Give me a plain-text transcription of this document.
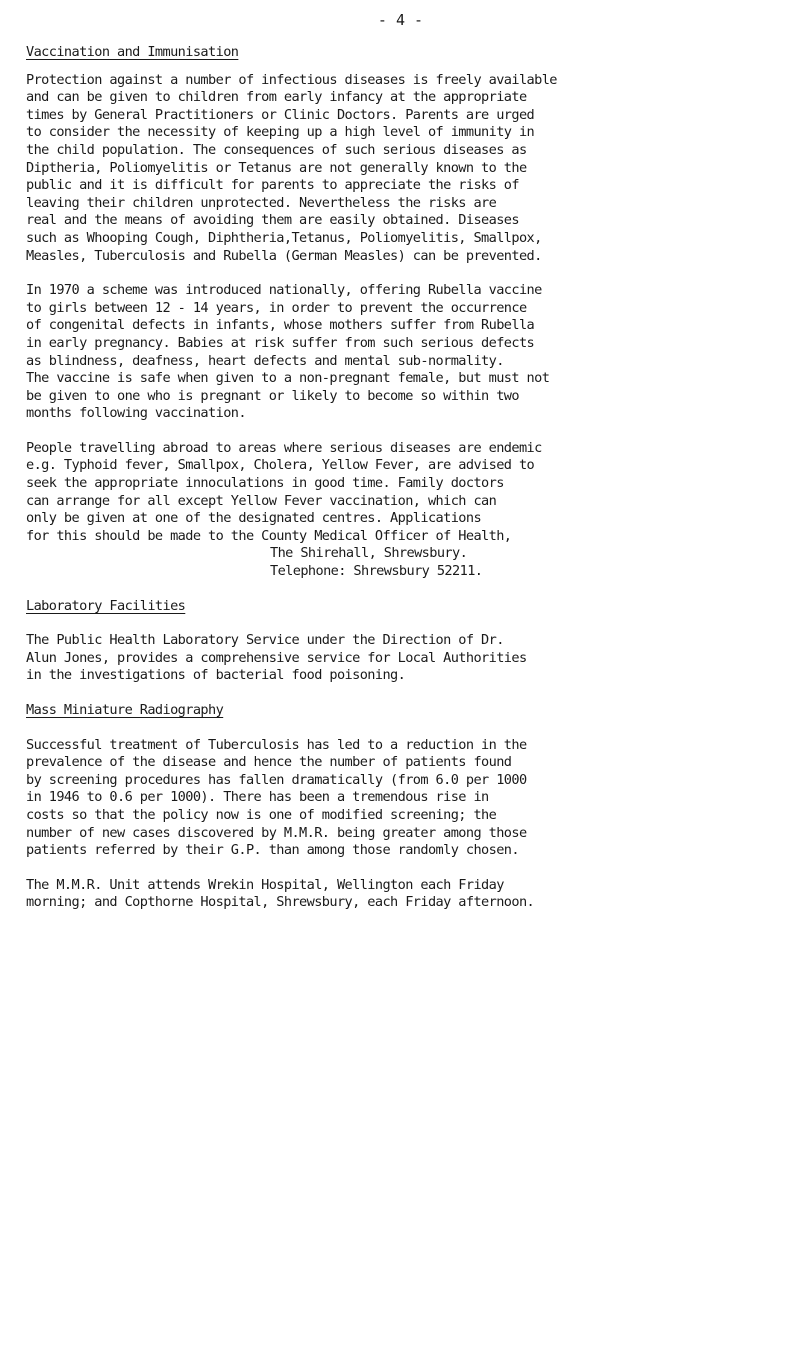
- 4 -
Vaccination and Immunisation
Protection against a number of infectious diseases is freely available
and can be given to children from early infancy at the appropriate
times by General Practitioners or Clinic Doctors. Parents are urged
to consider the necessity of keeping up a high level of immunity in
the child population. The consequences of such serious diseases as
Diptheria, Poliomyelitis or Tetanus are not generally known to the
public and it is difficult for parents to appreciate the risks of
leaving their children unprotected. Nevertheless the risks are
real and the means of avoiding them are easily obtained. Diseases
such as Whooping Cough, Diphtheria,Tetanus, Poliomyelitis, Smallpox,
Measles, Tuberculosis and Rubella (German Measles) can be prevented.
In 1970 a scheme was introduced nationally, offering Rubella vaccine
to girls between 12 - 14 years, in order to prevent the occurrence
of congenital defects in infants, whose mothers suffer from Rubella
in early pregnancy. Babies at risk suffer from such serious defects
as blindness, deafness, heart defects and mental sub-normality.
The vaccine is safe when given to a non-pregnant female, but must not
be given to one who is pregnant or likely to become so within two
months following vaccination.
People travelling abroad to areas where serious diseases are endemic
e.g. Typhoid fever, Smallpox, Cholera, Yellow Fever, are advised to
seek the appropriate innoculations in good time. Family doctors
can arrange for all except Yellow Fever vaccination, which can
only be given at one of the designated centres. Applications
for this should be made to the County Medical Officer of Health,
The Shirehall, Shrewsbury.
Telephone: Shrewsbury 52211.
Laboratory Facilities
The Public Health Laboratory Service under the Direction of Dr.
Alun Jones, provides a comprehensive service for Local Authorities
in the investigations of bacterial food poisoning.
Mass Miniature Radiography
Successful treatment of Tuberculosis has led to a reduction in the
prevalence of the disease and hence the number of patients found
by screening procedures has fallen dramatically (from 6.0 per 1000
in 1946 to 0.6 per 1000). There has been a tremendous rise in
costs so that the policy now is one of modified screening; the
number of new cases discovered by M.M.R. being greater among those
patients referred by their G.P. than among those randomly chosen.
The M.M.R. Unit attends Wrekin Hospital, Wellington each Friday
morning; and Copthorne Hospital, Shrewsbury, each Friday afternoon.
